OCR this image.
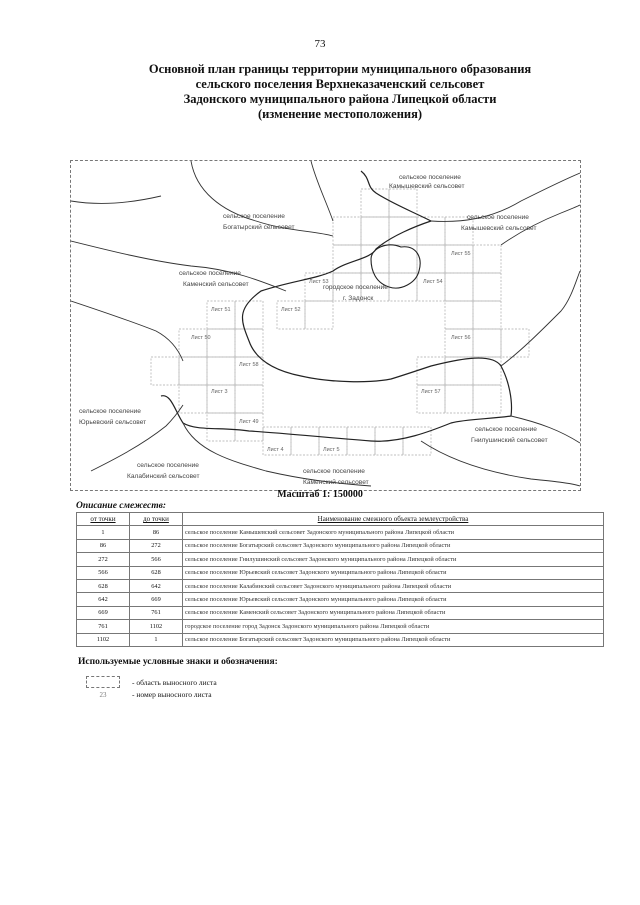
73
Основной план границы территории муниципального образования
сельского поселения Верхнеказаченский сельсовет
Задонского муниципального района Липецкой области
(изменение местоположения)
Лист 50
Лист 51	Лист 52
Лист 53	Лист 54
Лист 55
Лист 56
Лист 57
Лист 58
Лист 3
Лист 4	Лист 5
Лист 49
сельское поселение
Камышевский сельсовет
сельское поселение
Богатырский сельсовет
сельское поселение
Камышевский сельсовет
сельское поселение
Каменский сельсовет	городское поселение
г. Задонск
сельское поселение
Юрьевский сельсовет
сельское поселение
Гнилушинский сельсовет
сельское поселение
Калабинский сельсовет
сельское поселение
Каменский сельсовет
Масштаб 1: 150000
Описание смежеств:
от точки	до точки	Наименование смежного объекта землеустройства
1	86	сельское поселение Камышевский сельсовет Задонского муниципального района Липецкой области
86	272	сельское поселение Богатырский сельсовет Задонского муниципального района Липецкой области
272	566	сельское поселение Гнилушинский сельсовет Задонского муниципального района Липецкой области
566	628	сельское поселение Юрьевский сельсовет Задонского муниципального района Липецкой области
628	642	сельское поселение Калабинский сельсовет Задонского муниципального района Липецкой области
642	669	сельское поселение Юрьевский сельсовет Задонского муниципального района Липецкой области
669	761	сельское поселение Каменский сельсовет Задонского муниципального района Липецкой области
761	1102	городское поселение город Задонск Задонского муниципального района Липецкой области
1102	1	сельское поселение Богатырский сельсовет Задонского муниципального района Липецкой области
Используемые условные знаки и обозначения:
- область выносного листа
23	- номер выносного листа
